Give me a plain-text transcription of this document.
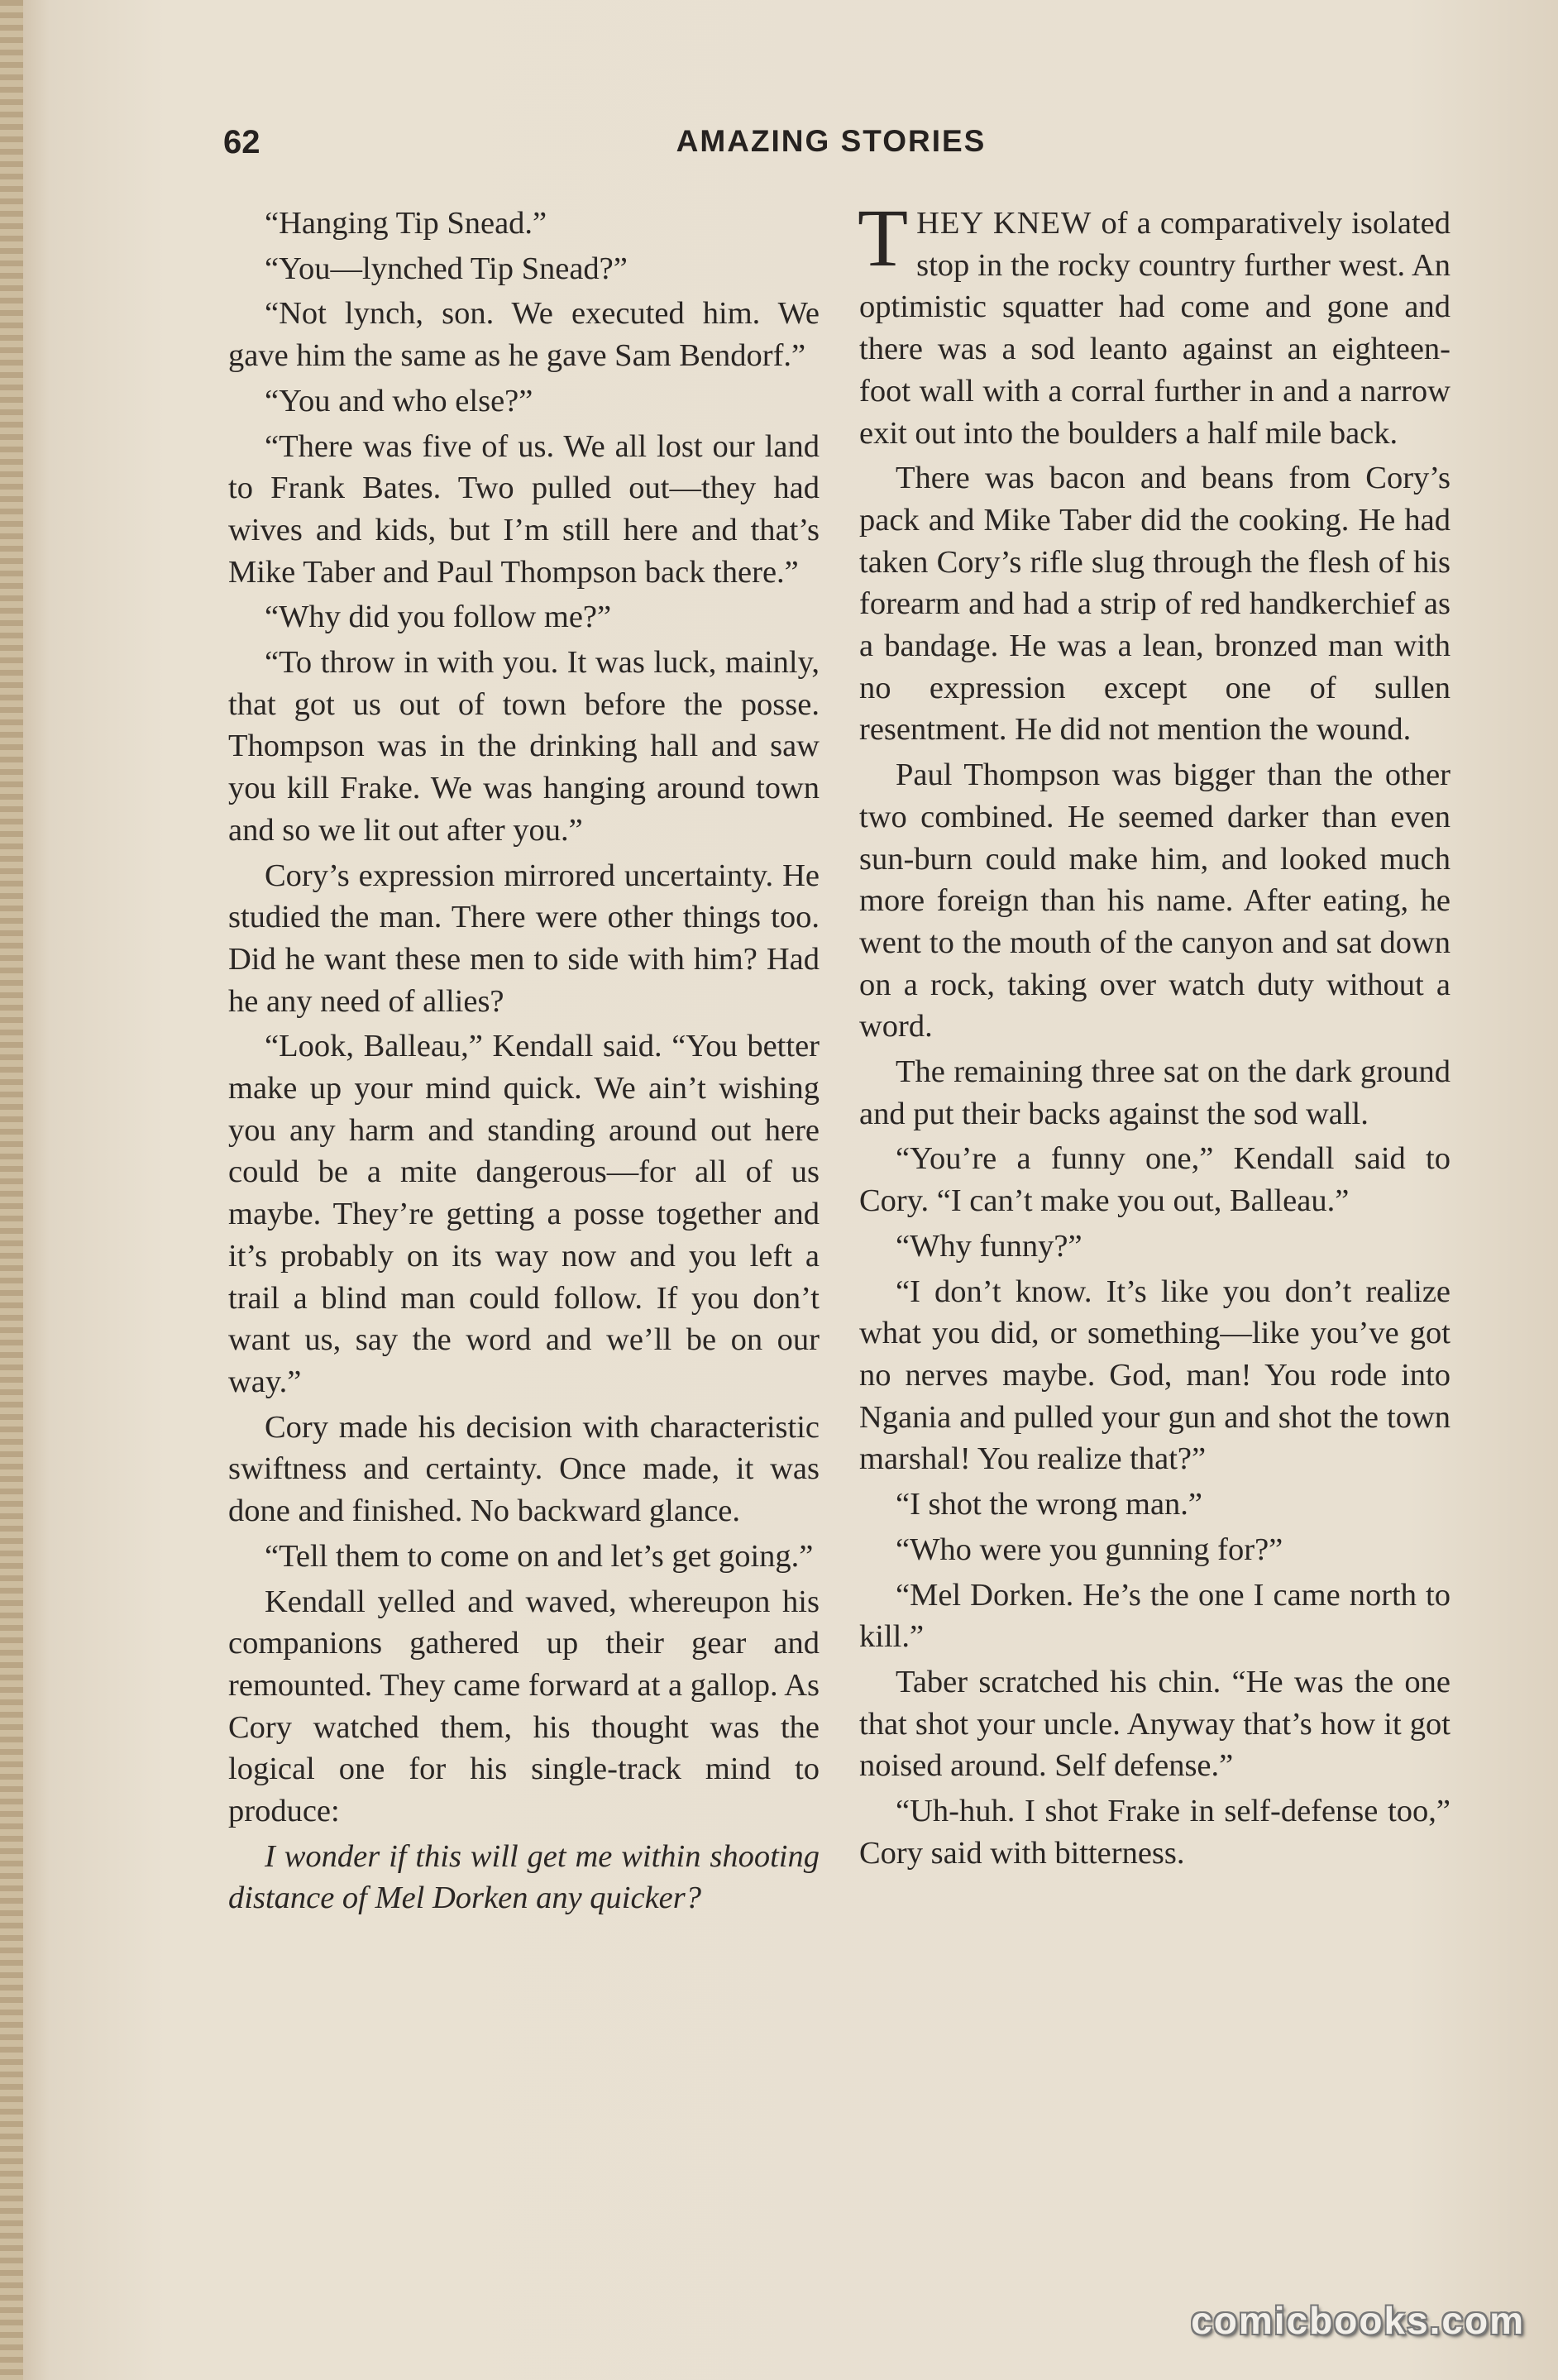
62	AMAZING STORIES

“Hanging Tip Snead.”

“You—lynched Tip Snead?”

“Not lynch, son. We executed him. We gave him the same as he gave Sam Bendorf.”

“You and who else?”

“There was five of us. We all lost our land to Frank Bates. Two pulled out—they had wives and kids, but I’m still here and that’s Mike Taber and Paul Thompson back there.”

“Why did you follow me?”

“To throw in with you. It was luck, mainly, that got us out of town before the posse. Thompson was in the drinking hall and saw you kill Frake. We was hanging around town and so we lit out after you.”

Cory’s expression mirrored uncertainty. He studied the man. There were other things too. Did he want these men to side with him? Had he any need of allies?

“Look, Balleau,” Kendall said. “You better make up your mind quick. We ain’t wishing you any harm and standing around out here could be a mite dangerous—for all of us maybe. They’re getting a posse together and it’s probably on its way now and you left a trail a blind man could follow. If you don’t want us, say the word and we’ll be on our way.”

Cory made his decision with characteristic swiftness and certainty. Once made, it was done and finished. No backward glance.

“Tell them to come on and let’s get going.”

Kendall yelled and waved, whereupon his companions gathered up their gear and remounted. They came forward at a gallop. As Cory watched them, his thought was the logical one for his single-track mind to produce:

I wonder if this will get me within shooting distance of Mel Dorken any quicker?

THEY KNEW of a comparatively isolated stop in the rocky country further west. An optimistic squatter had come and gone and there was a sod leanto against an eighteen-foot wall with a corral further in and a narrow exit out into the boulders a half mile back.

There was bacon and beans from Cory’s pack and Mike Taber did the cooking. He had taken Cory’s rifle slug through the flesh of his forearm and had a strip of red handkerchief as a bandage. He was a lean, bronzed man with no expression except one of sullen resentment. He did not mention the wound.

Paul Thompson was bigger than the other two combined. He seemed darker than even sun-burn could make him, and looked much more foreign than his name. After eating, he went to the mouth of the canyon and sat down on a rock, taking over watch duty without a word.

The remaining three sat on the dark ground and put their backs against the sod wall.

“You’re a funny one,” Kendall said to Cory. “I can’t make you out, Balleau.”

“Why funny?”

“I don’t know. It’s like you don’t realize what you did, or something—like you’ve got no nerves maybe. God, man! You rode into Ngania and pulled your gun and shot the town marshal! You realize that?”

“I shot the wrong man.”

“Who were you gunning for?”

“Mel Dorken. He’s the one I came north to kill.”

Taber scratched his chin. “He was the one that shot your uncle. Anyway that’s how it got noised around. Self defense.”

“Uh-huh. I shot Frake in self-defense too,” Cory said with bitterness.

comicbooks.com
